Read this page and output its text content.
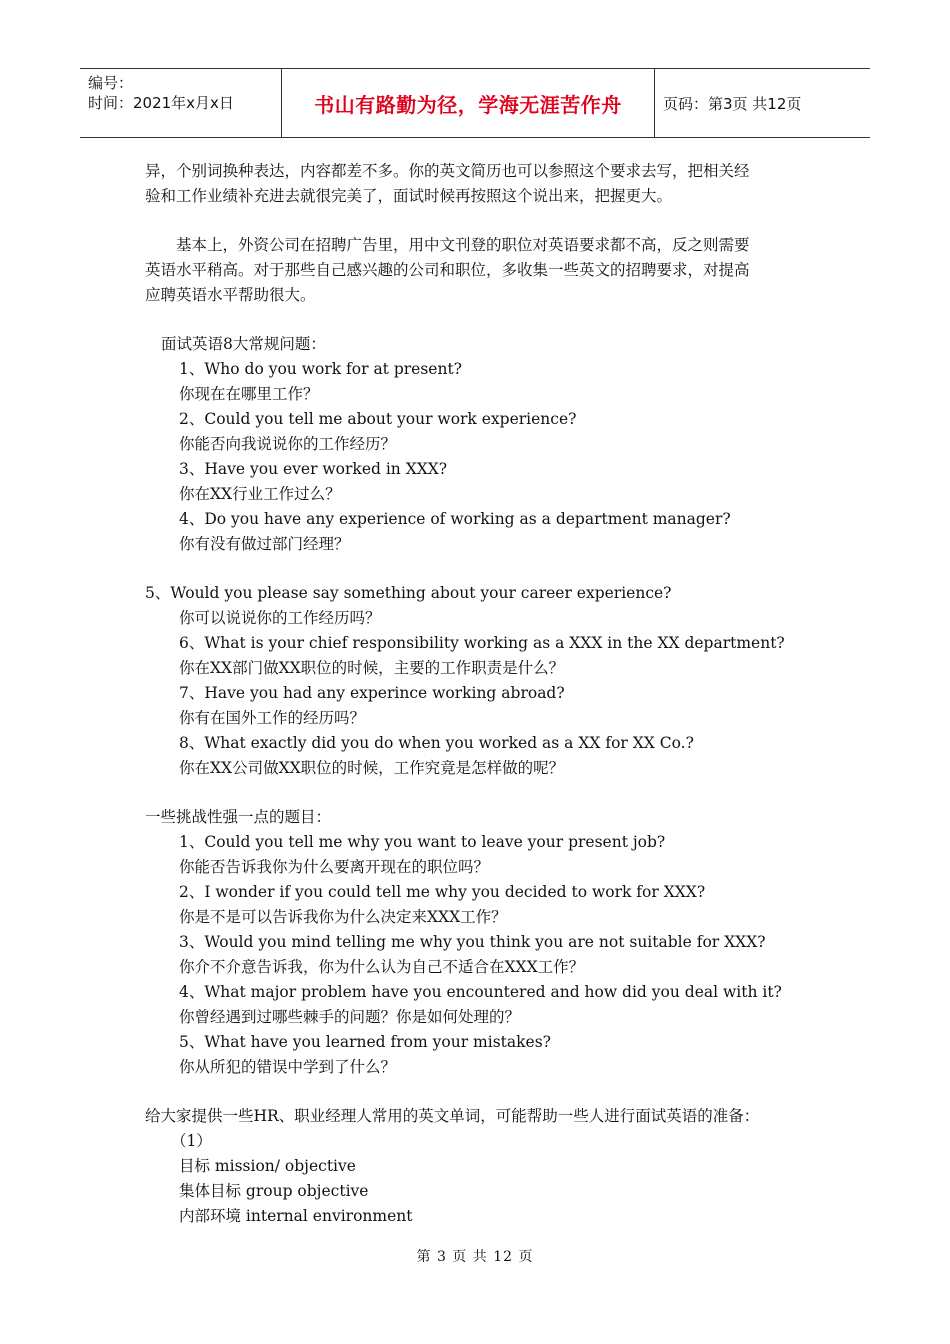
编号：
时间：2021年x月x日	书山有路勤为径，学海无涯苦作舟	页码：第3页 共12页

异，个别词换种表达，内容都差不多。你的英文简历也可以参照这个要求去写，把相关经

验和工作业绩补充进去就很完美了，面试时候再按照这个说出来，把握更大。

基本上，外资公司在招聘广告里，用中文刊登的职位对英语要求都不高，反之则需要

英语水平稍高。对于那些自己感兴趣的公司和职位，多收集一些英文的招聘要求，对提高

应聘英语水平帮助很大。

面试英语8大常规问题：

1、Who do you work for at present?

你现在在哪里工作？

2、Could you tell me about your work experience?

你能否向我说说你的工作经历？

3、Have you ever worked in XXX?

你在XX行业工作过么？

4、Do you have any experience of working as a department manager?

你有没有做过部门经理？

5、Would you please say something about your career experience?

你可以说说你的工作经历吗？

6、What is your chief responsibility working as a XXX in the XX department?

你在XX部门做XX职位的时候，主要的工作职责是什么？

7、Have you had any experince working abroad?

你有在国外工作的经历吗？

8、What exactly did you do when you worked as a XX for XX Co.?

你在XX公司做XX职位的时候，工作究竟是怎样做的呢？

一些挑战性强一点的题目：

1、Could you tell me why you want to leave your present job?

你能否告诉我你为什么要离开现在的职位吗？

2、I wonder if you could tell me why you decided to work for XXX?

你是不是可以告诉我你为什么决定来XXX工作？

3、Would you mind telling me why you think you are not suitable for XXX?

你介不介意告诉我，你为什么认为自己不适合在XXX工作？

4、What major problem have you encountered and how did you deal with it?

你曾经遇到过哪些棘手的问题？你是如何处理的？

5、What have you learned from your mistakes?

你从所犯的错误中学到了什么？

给大家提供一些HR、职业经理人常用的英文单词，可能帮助一些人进行面试英语的准备：

（1）

目标 mission/ objective

集体目标 group objective

内部环境 internal environment

第 3 页 共 12 页
